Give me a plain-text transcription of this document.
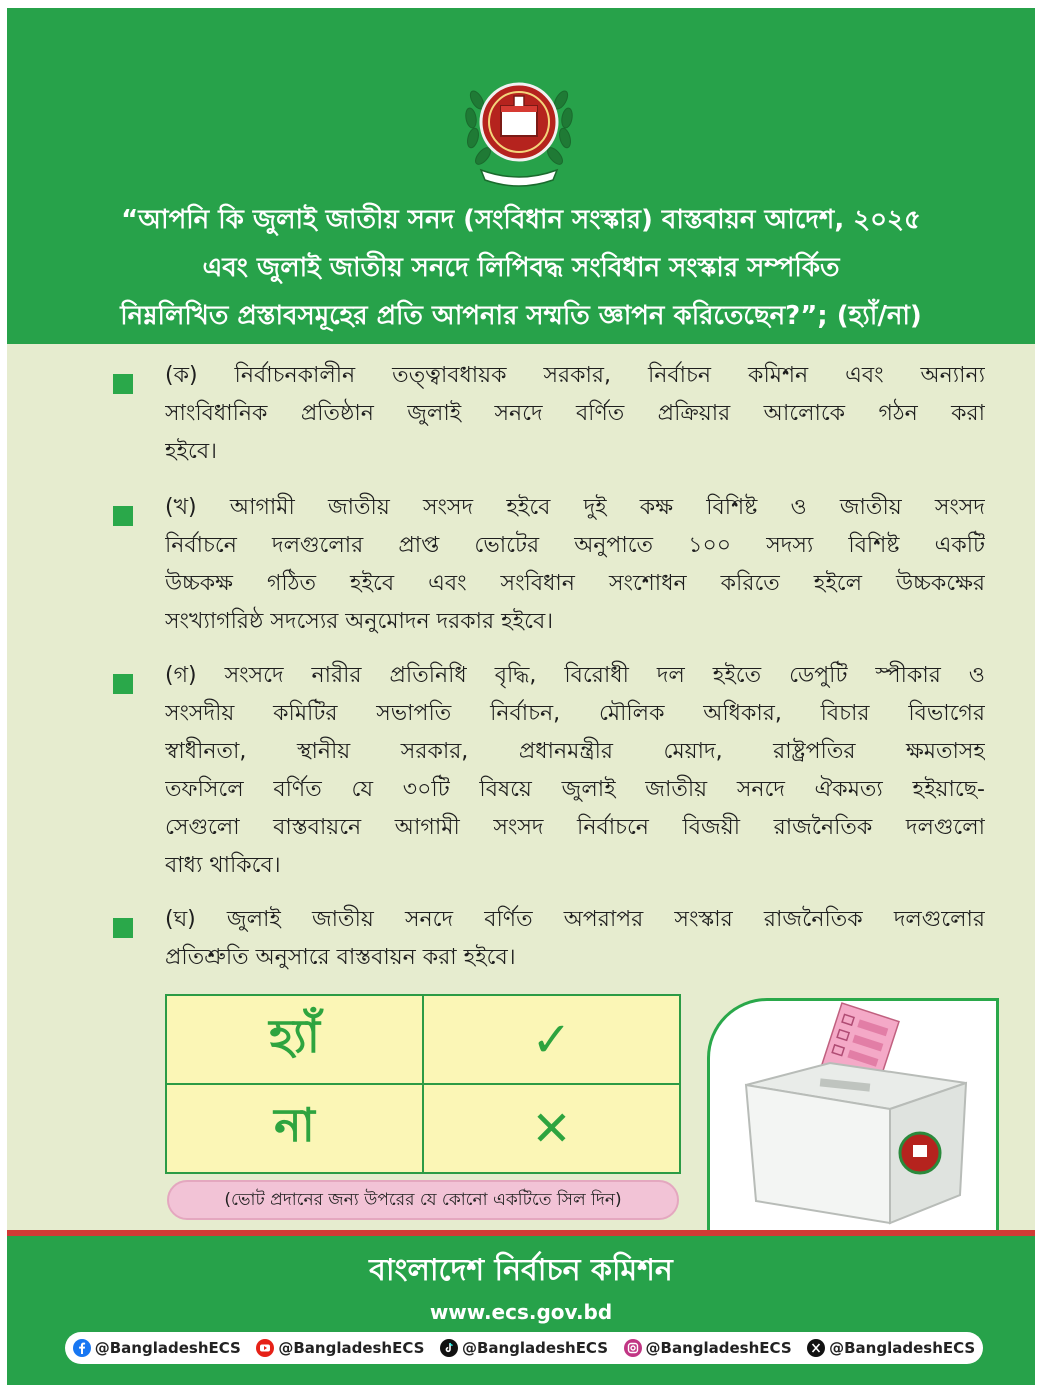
“আপনি কি জুলাই জাতীয় সনদ (সংবিধান সংস্কার) বাস্তবায়ন আদেশ, ২০২৫
এবং জুলাই জাতীয় সনদে লিপিবদ্ধ সংবিধান সংস্কার সম্পর্কিত
নিম্নলিখিত প্রস্তাবসমূহের প্রতি আপনার সম্মতি জ্ঞাপন করিতেছেন?”; (হ্যাঁ/না)
(ক) নির্বাচনকালীন তত্ত্বাবধায়ক সরকার, নির্বাচন কমিশন এবং অন্যান্য
সাংবিধানিক প্রতিষ্ঠান জুলাই সনদে বর্ণিত প্রক্রিয়ার আলোকে গঠন করা
হইবে।
(খ) আগামী জাতীয় সংসদ হইবে দুই কক্ষ বিশিষ্ট ও জাতীয় সংসদ
নির্বাচনে দলগুলোর প্রাপ্ত ভোটের অনুপাতে ১০০ সদস্য বিশিষ্ট একটি
উচ্চকক্ষ গঠিত হইবে এবং সংবিধান সংশোধন করিতে হইলে উচ্চকক্ষের
সংখ্যাগরিষ্ঠ সদস্যের অনুমোদন দরকার হইবে।
(গ) সংসদে নারীর প্রতিনিধি বৃদ্ধি, বিরোধী দল হইতে ডেপুটি স্পীকার ও
সংসদীয় কমিটির সভাপতি নির্বাচন, মৌলিক অধিকার, বিচার বিভাগের
স্বাধীনতা, স্থানীয় সরকার, প্রধানমন্ত্রীর মেয়াদ, রাষ্ট্রপতির ক্ষমতাসহ
তফসিলে বর্ণিত যে ৩০টি বিষয়ে জুলাই জাতীয় সনদে ঐকমত্য হইয়াছে-
সেগুলো বাস্তবায়নে আগামী সংসদ নির্বাচনে বিজয়ী রাজনৈতিক দলগুলো
বাধ্য থাকিবে।
(ঘ) জুলাই জাতীয় সনদে বর্ণিত অপরাপর সংস্কার রাজনৈতিক দলগুলোর
প্রতিশ্রুতি অনুসারে বাস্তবায়ন করা হইবে।
হ্যাঁ	✓
না	✕
(ভোট প্রদানের জন্য উপরের যে কোনো একটিতে সিল দিন)
বাংলাদেশ নির্বাচন কমিশন
www.ecs.gov.bd
@BangladeshECS	@BangladeshECS	@BangladeshECS	@BangladeshECS	@BangladeshECS
